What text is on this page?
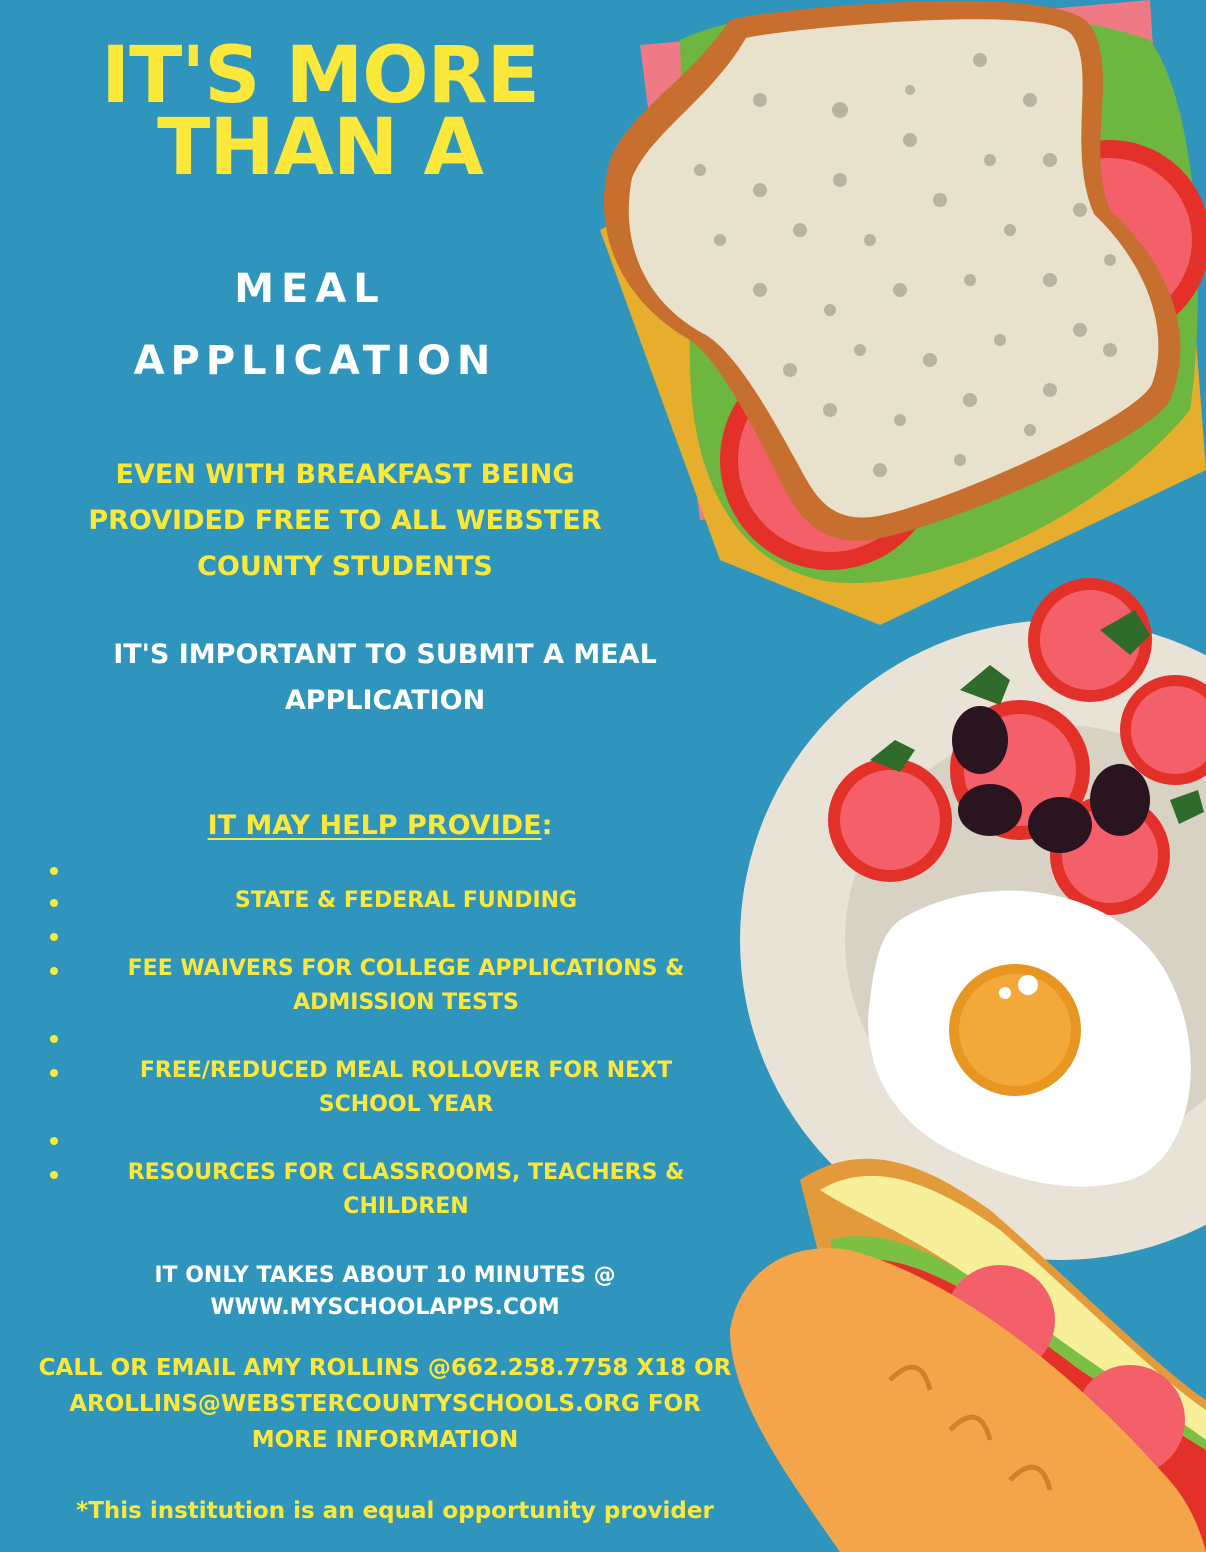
IT'S MORE
THAN A
MEAL
APPLICATION
EVEN WITH BREAKFAST BEING
PROVIDED FREE TO ALL WEBSTER
COUNTY STUDENTS
IT'S IMPORTANT TO SUBMIT A MEAL
APPLICATION
IT MAY HELP PROVIDE:
STATE & FEDERAL FUNDING
FEE WAIVERS FOR COLLEGE APPLICATIONS &
ADMISSION TESTS
FREE/REDUCED MEAL ROLLOVER FOR NEXT
SCHOOL YEAR
RESOURCES FOR CLASSROOMS, TEACHERS &
CHILDREN
IT ONLY TAKES ABOUT 10 MINUTES @
WWW.MYSCHOOLAPPS.COM
CALL OR EMAIL AMY ROLLINS @662.258.7758 X18 OR
AROLLINS@WEBSTERCOUNTYSCHOOLS.ORG FOR
MORE INFORMATION
*This institution is an equal opportunity provider
